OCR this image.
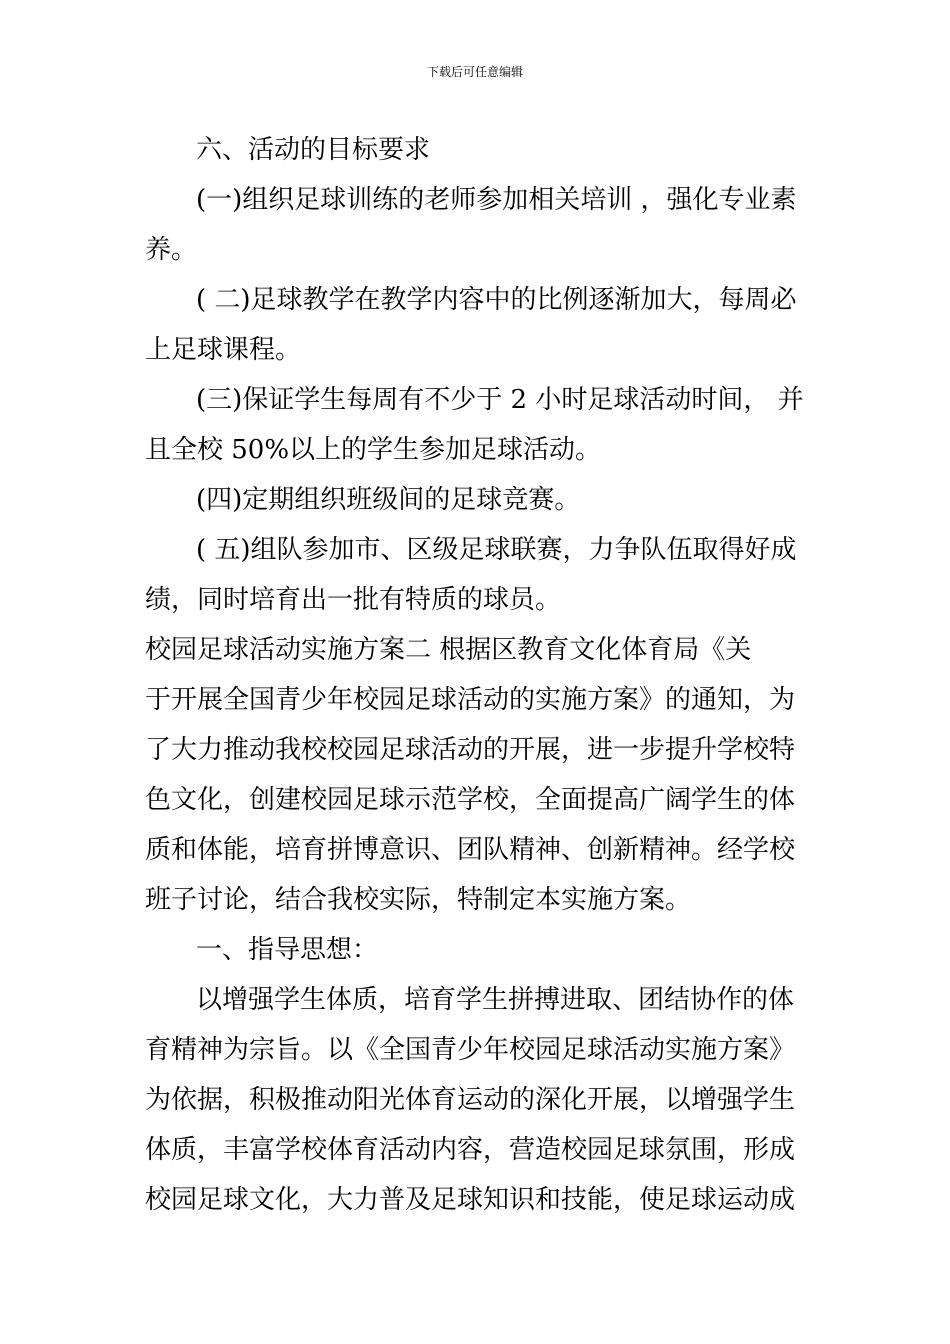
下载后可任意编辑
六、活动的目标要求
(一)组织足球训练的老师参加相关培训 ，强化专业素
养。
( 二)足球教学在教学内容中的比例逐渐加大，每周必
上足球课程。
(三)保证学生每周有不少于 2 小时足球活动时间， 并
且全校 50%以上的学生参加足球活动。
(四)定期组织班级间的足球竞赛。
( 五)组队参加市、区级足球联赛，力争队伍取得好成
绩，同时培育出一批有特质的球员。
校园足球活动实施方案二 根据区教育文化体育局《关
于开展全国青少年校园足球活动的实施方案》的通知，为
了大力推动我校校园足球活动的开展，进一步提升学校特
色文化，创建校园足球示范学校，全面提高广阔学生的体
质和体能，培育拼博意识、团队精神、创新精神。经学校
班子讨论，结合我校实际，特制定本实施方案。
一、指导思想：
以增强学生体质，培育学生拼搏进取、团结协作的体
育精神为宗旨。以《全国青少年校园足球活动实施方案》
为依据，积极推动阳光体育运动的深化开展，以增强学生
体质，丰富学校体育活动内容，营造校园足球氛围，形成
校园足球文化，大力普及足球知识和技能，使足球运动成
